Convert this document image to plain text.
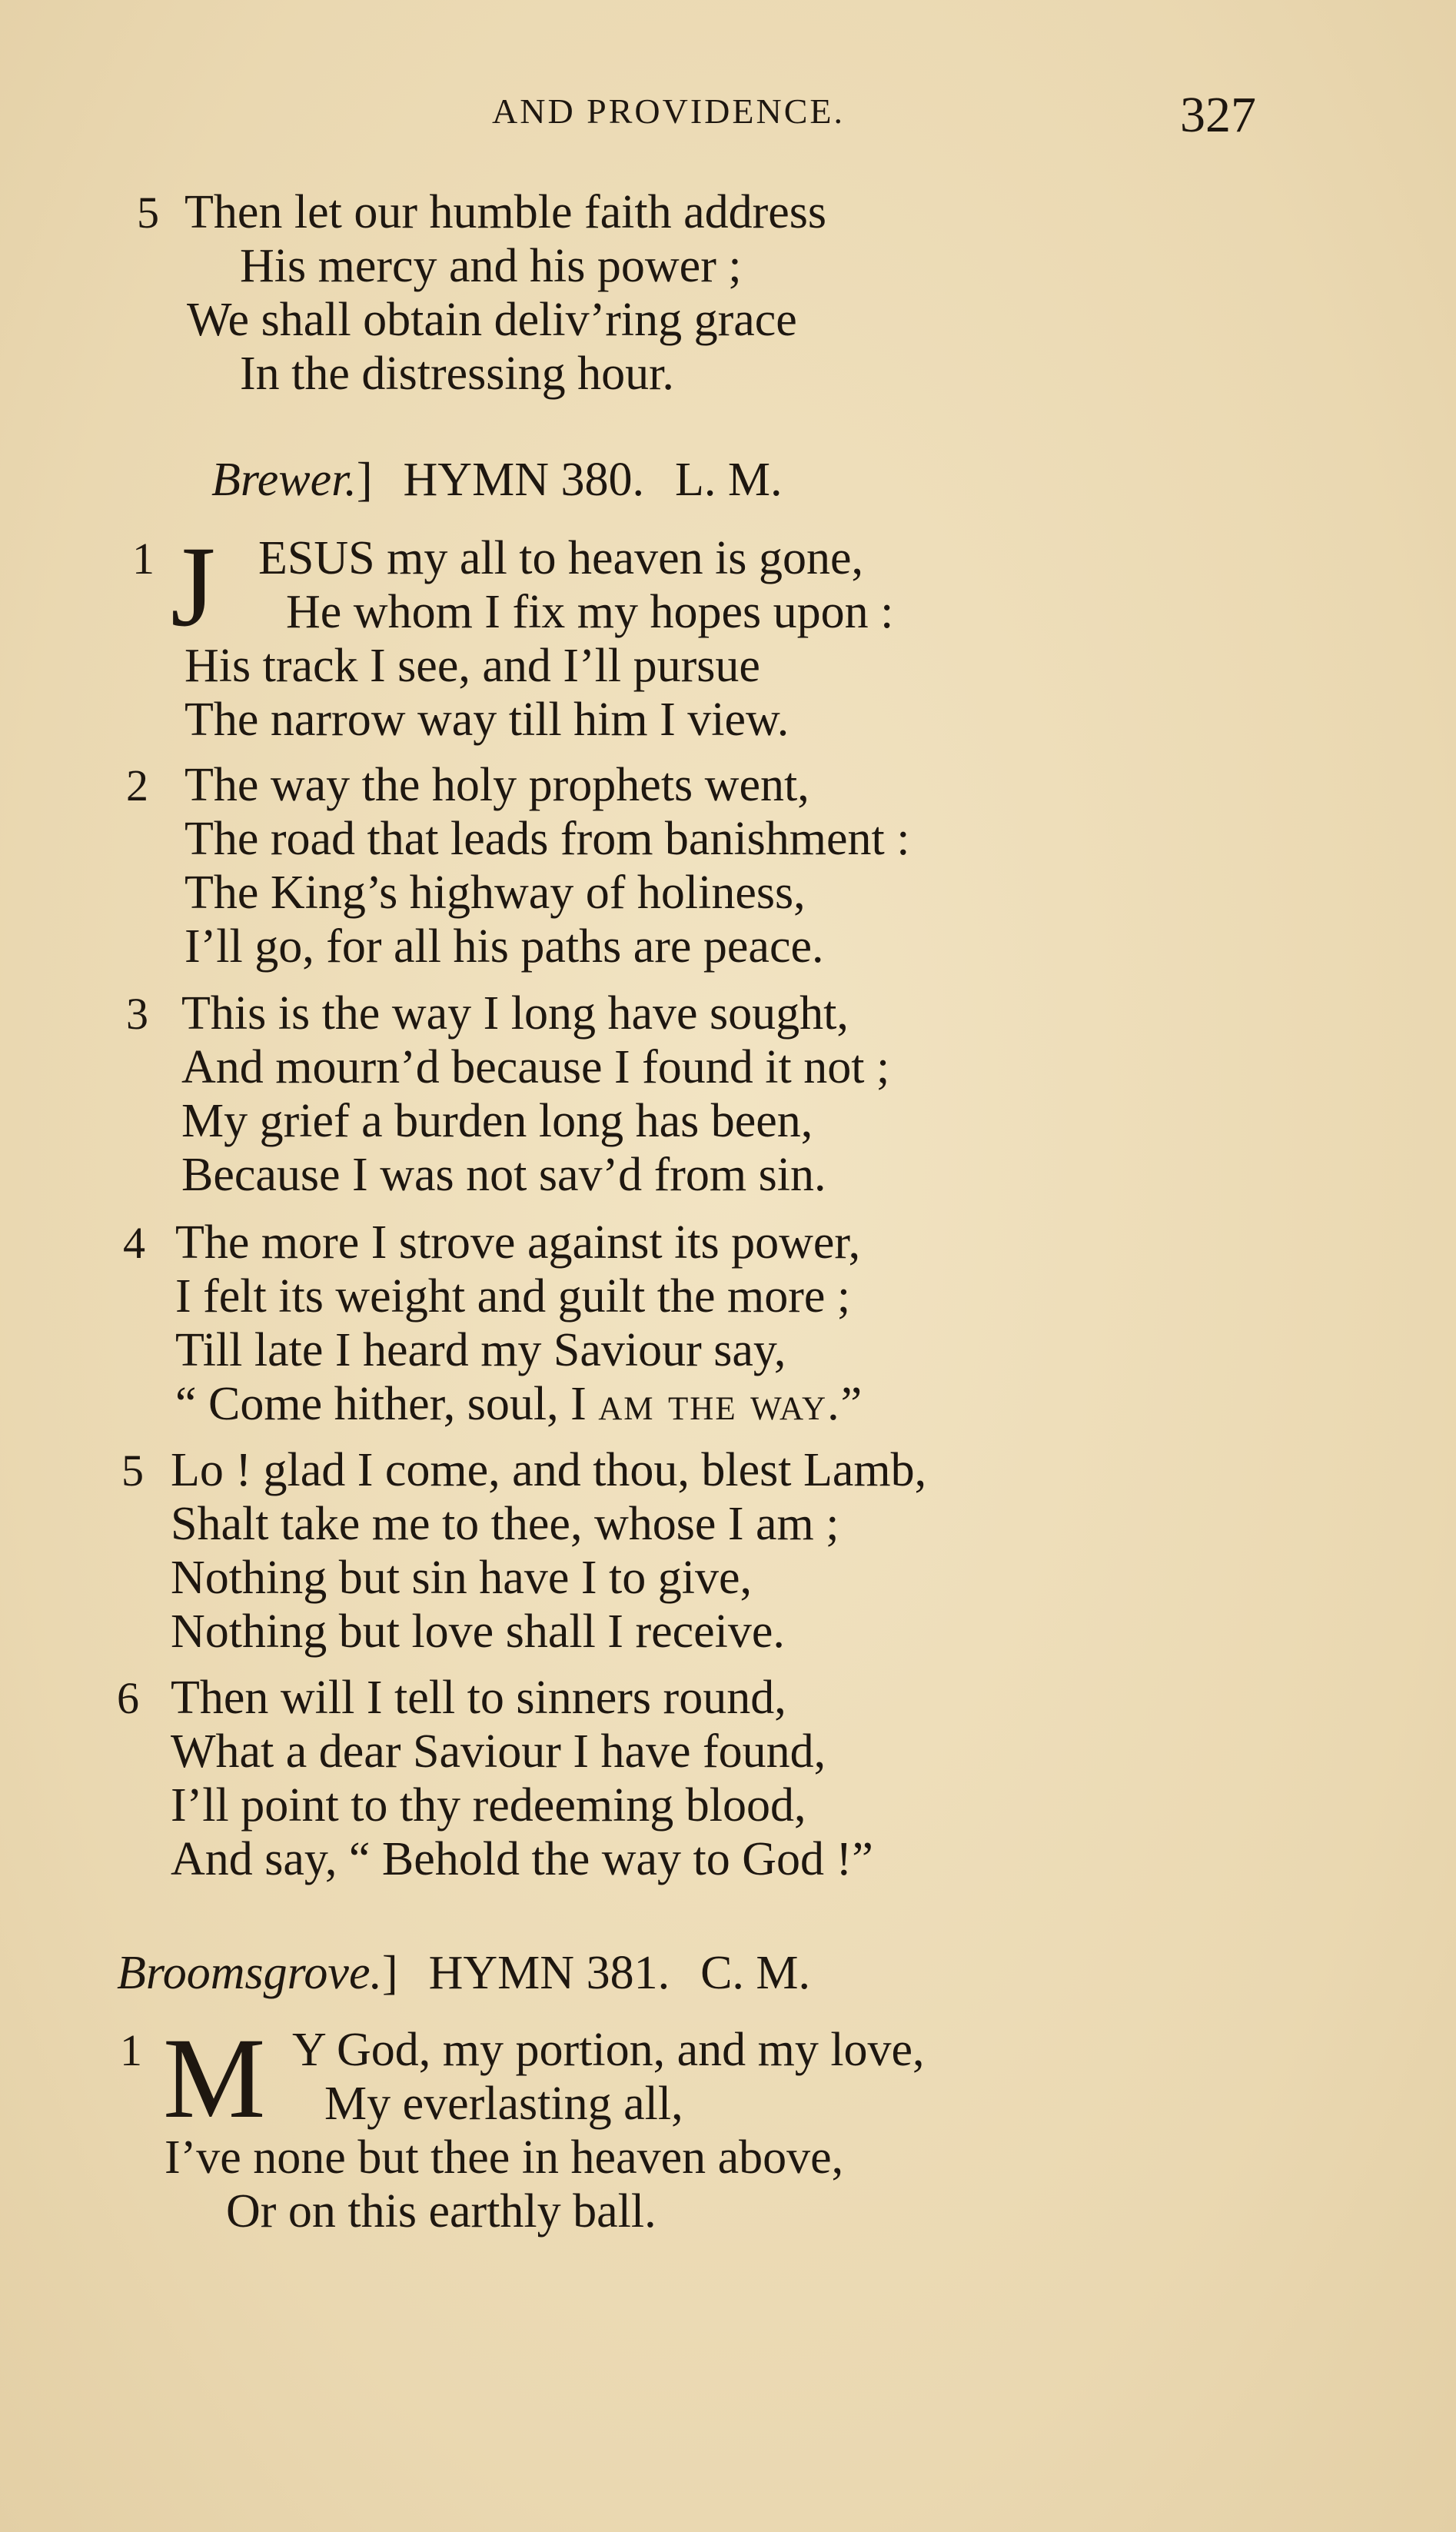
AND PROVIDENCE.	327
5 Then let our humble faith address
His mercy and his power ;
We shall obtain deliv’ring grace
In the distressing hour.
Brewer.] HYMN 380. L. M.
1 J ESUS my all to heaven is gone,
He whom I fix my hopes upon :
His track I see, and I’ll pursue
The narrow way till him I view.
2 The way the holy prophets went,
The road that leads from banishment :
The King’s highway of holiness,
I’ll go, for all his paths are peace.
3 This is the way I long have sought,
And mourn’d because I found it not ;
My grief a burden long has been,
Because I was not sav’d from sin.
4 The more I strove against its power,
I felt its weight and guilt the more ;
Till late I heard my Saviour say,
“ Come hither, soul, I am the way.”
5 Lo ! glad I come, and thou, blest Lamb,
Shalt take me to thee, whose I am ;
Nothing but sin have I to give,
Nothing but love shall I receive.
6 Then will I tell to sinners round,
What a dear Saviour I have found,
I’ll point to thy redeeming blood,
And say, “ Behold the way to God !”
Broomsgrove.] HYMN 381. C. M.
1 M Y God, my portion, and my love,
My everlasting all,
I’ve none but thee in heaven above,
Or on this earthly ball.
